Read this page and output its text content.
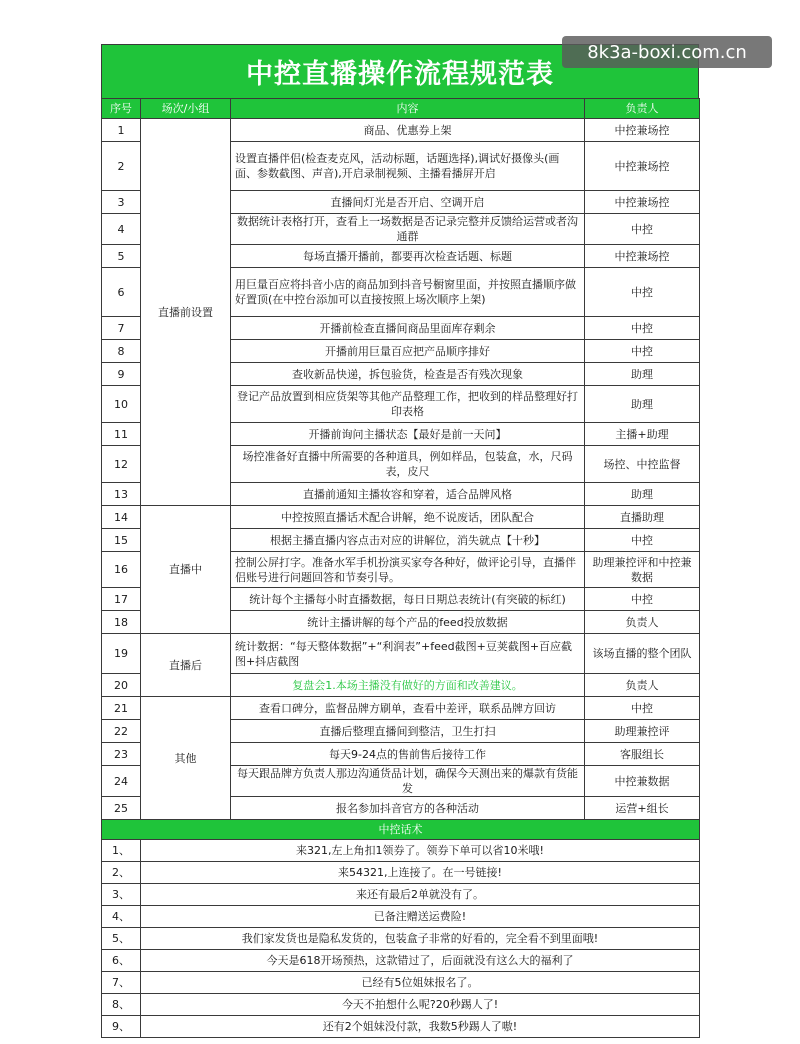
中控直播操作流程规范表
序号	场次/小组	内容	负责人
1	直播前设置	商品、优惠券上架	中控兼场控
2		设置直播伴侣(检查麦克风，活动标题，话题选择),调试好摄像头(画面、参数截图、声音),开启录制视频、主播看播屏开启	中控兼场控
3		直播间灯光是否开启、空调开启	中控兼场控
4		数据统计表格打开，查看上一场数据是否记录完整并反馈给运营或者沟通群	中控
5		每场直播开播前，都要再次检查话题、标题	中控兼场控
6		用巨量百应将抖音小店的商品加到抖音号橱窗里面，并按照直播顺序做好置顶(在中控台添加可以直接按照上场次顺序上架)	中控
7		开播前检查直播间商品里面库存剩余	中控
8		开播前用巨量百应把产品顺序排好	中控
9		查收新品快递，拆包验货，检查是否有残次现象	助理
10		登记产品放置到相应货架等其他产品整理工作，把收到的样品整理好打印表格	助理
11		开播前询问主播状态【最好是前一天问】	主播+助理
12		场控准备好直播中所需要的各种道具，例如样品，包装盒，水，尺码表，皮尺	场控、中控监督
13		直播前通知主播妆容和穿着，适合品牌风格	助理
14	直播中	中控按照直播话术配合讲解，绝不说废话，团队配合	直播助理
15		根据主播直播内容点击对应的讲解位，消失就点【十秒】	中控
16		控制公屏打字。准备水军手机扮演买家夸各种好，做评论引导，直播伴侣账号进行问题回答和节奏引导。	助理兼控评和中控兼数据
17		统计每个主播每小时直播数据，每日日期总表统计(有突破的标红)	中控
18		统计主播讲解的每个产品的feed投放数据	负责人
19	直播后	统计数据：“每天整体数据”+“利润表”+feed截图+豆荚截图+百应截图+抖店截图	该场直播的整个团队
20		复盘会1.本场主播没有做好的方面和改善建议。	负责人
21	其他	查看口碑分，监督品牌方刷单，查看中差评，联系品牌方回访	中控
22		直播后整理直播间到整洁，卫生打扫	助理兼控评
23		每天9-24点的售前售后接待工作	客服组长
24		每天跟品牌方负责人那边沟通货品计划，确保今天测出来的爆款有货能发	中控兼数据
25		报名参加抖音官方的各种活动	运营+组长
中控话术			
1、	来321,左上角扣1领券了。领券下单可以省10米哦!		
2、	来54321,上连接了。在一号链接!		
3、	来还有最后2单就没有了。		
4、	已备注赠送运费险!		
5、	我们家发货也是隐私发货的，包装盒子非常的好看的，完全看不到里面哦!		
6、	今天是618开场预热，这款错过了，后面就没有这么大的福利了		
7、	已经有5位姐妹报名了。		
8、	今天不拍想什么呢?20秒踢人了!		
9、	还有2个姐妹没付款，我数5秒踢人了嗷!		
8k3a-boxi.com.cn
